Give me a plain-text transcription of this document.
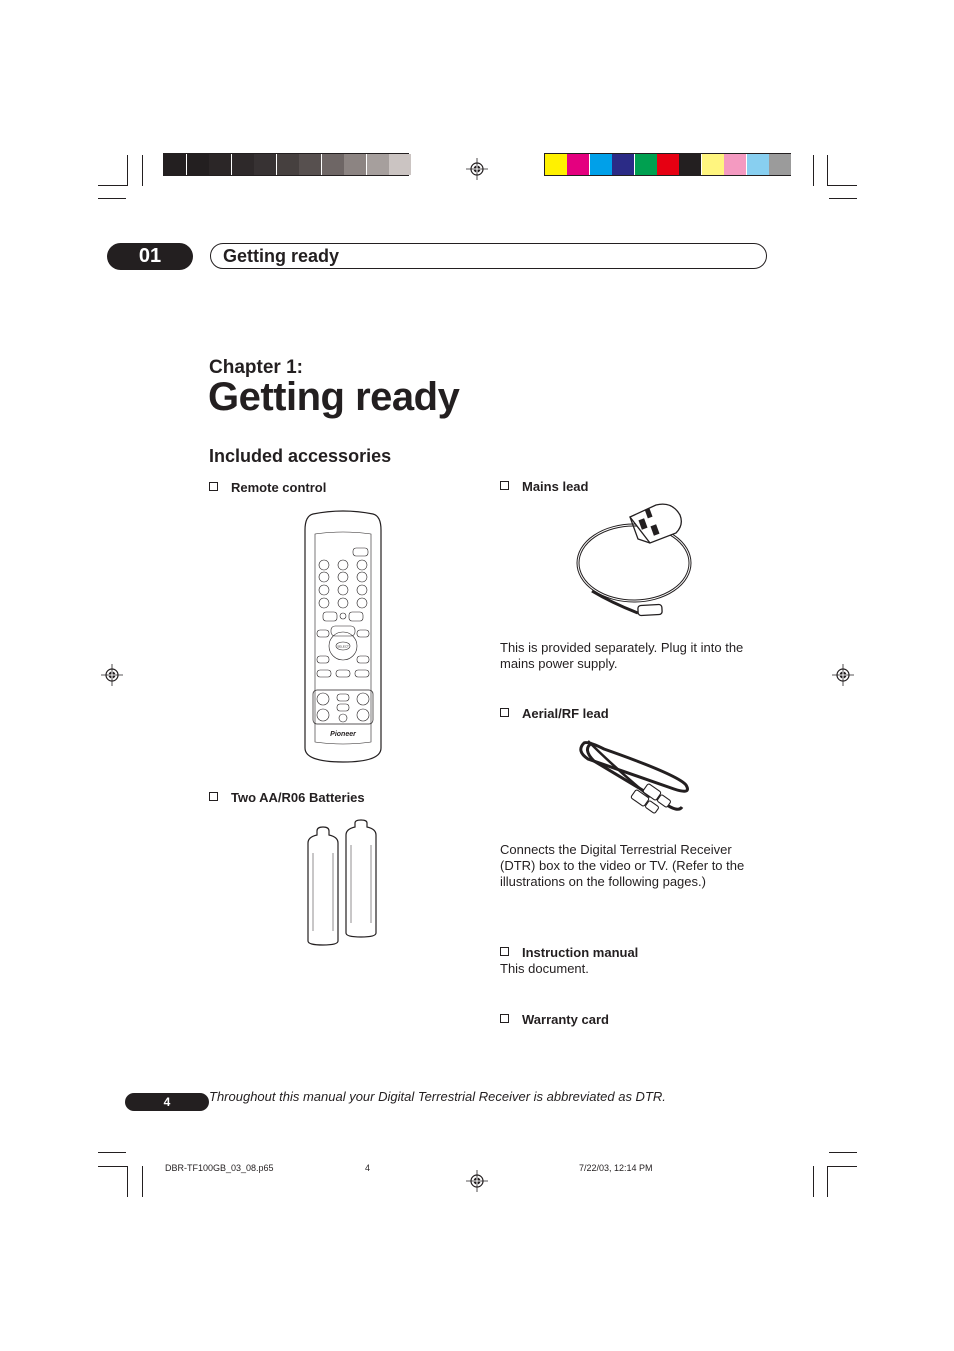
01	Getting ready
Chapter 1:
Getting ready
Included accessories
Remote control
SELECT
Pioneer
Two AA/R06 Batteries
Mains lead
This is provided separately. Plug it into the mains power supply.
Aerial/RF lead
Connects the Digital Terrestrial Receiver (DTR) box to the video or TV. (Refer to the illustrations on the following pages.)
Instruction manual
This document.
Warranty card
4	Throughout this manual your Digital Terrestrial Receiver is abbreviated as DTR.
DBR-TF100GB_03_08.p65	4	7/22/03, 12:14 PM
